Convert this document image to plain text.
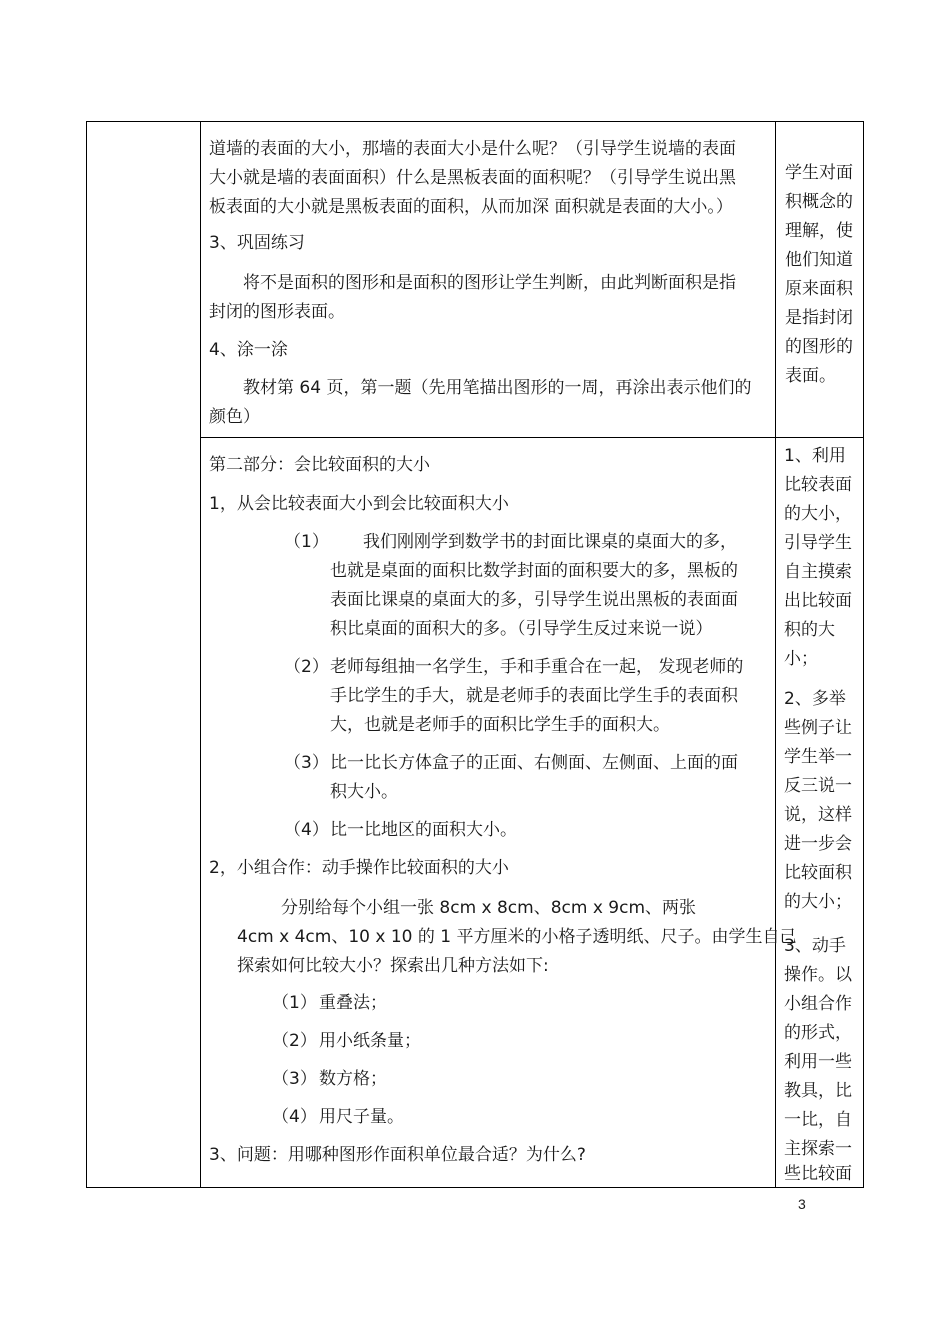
道墙的表面的大小，那墙的表面大小是什么呢？（引导学生说墙的表面
大小就是墙的表面面积）什么是黑板表面的面积呢？（引导学生说出黑
板表面的大小就是黑板表面的面积，从而加深 面积就是表面的大小。）
3、巩固练习
将不是面积的图形和是面积的图形让学生判断，由此判断面积是指
封闭的图形表面。
4、涂一涂
教材第 64 页，第一题（先用笔描出图形的一周，再涂出表示他们的
颜色）
学生对面
积概念的
理解，使
他们知道
原来面积
是指封闭
的图形的
表面。
第二部分：会比较面积的大小
1，从会比较表面大小到会比较面积大小
（1） 我们刚刚学到数学书的封面比课桌的桌面大的多，
也就是桌面的面积比数学封面的面积要大的多，黑板的
表面比课桌的桌面大的多，引导学生说出黑板的表面面
积比桌面的面积大的多。（引导学生反过来说一说）
（2） 老师每组抽一名学生，手和手重合在一起， 发现老师的
手比学生的手大，就是老师手的表面比学生手的表面积
大，也就是老师手的面积比学生手的面积大。
（3） 比一比长方体盒子的正面、右侧面、左侧面、上面的面
积大小。
（4） 比一比地区的面积大小。
2，小组合作：动手操作比较面积的大小
分别给每个小组一张 8cm x 8cm、8cm x 9cm、两张
4cm x 4cm、10 x 10 的 1 平方厘米的小格子透明纸、尺子。由学生自己
探索如何比较大小？探索出几种方法如下:
（1） 重叠法；
（2） 用小纸条量；
（3） 数方格；
（4） 用尺子量。
3、问题：用哪种图形作面积单位最合适？为什么?
1、利用
比较表面
的大小，
引导学生
自主摸索
出比较面
积的大
小；
2、多举
些例子让
学生举一
反三说一
说，这样
进一步会
比较面积
的大小；
3、动手
操作。以
小组合作
的形式，
利用一些
教具，比
一比，自
主探索一
些比较面
3
